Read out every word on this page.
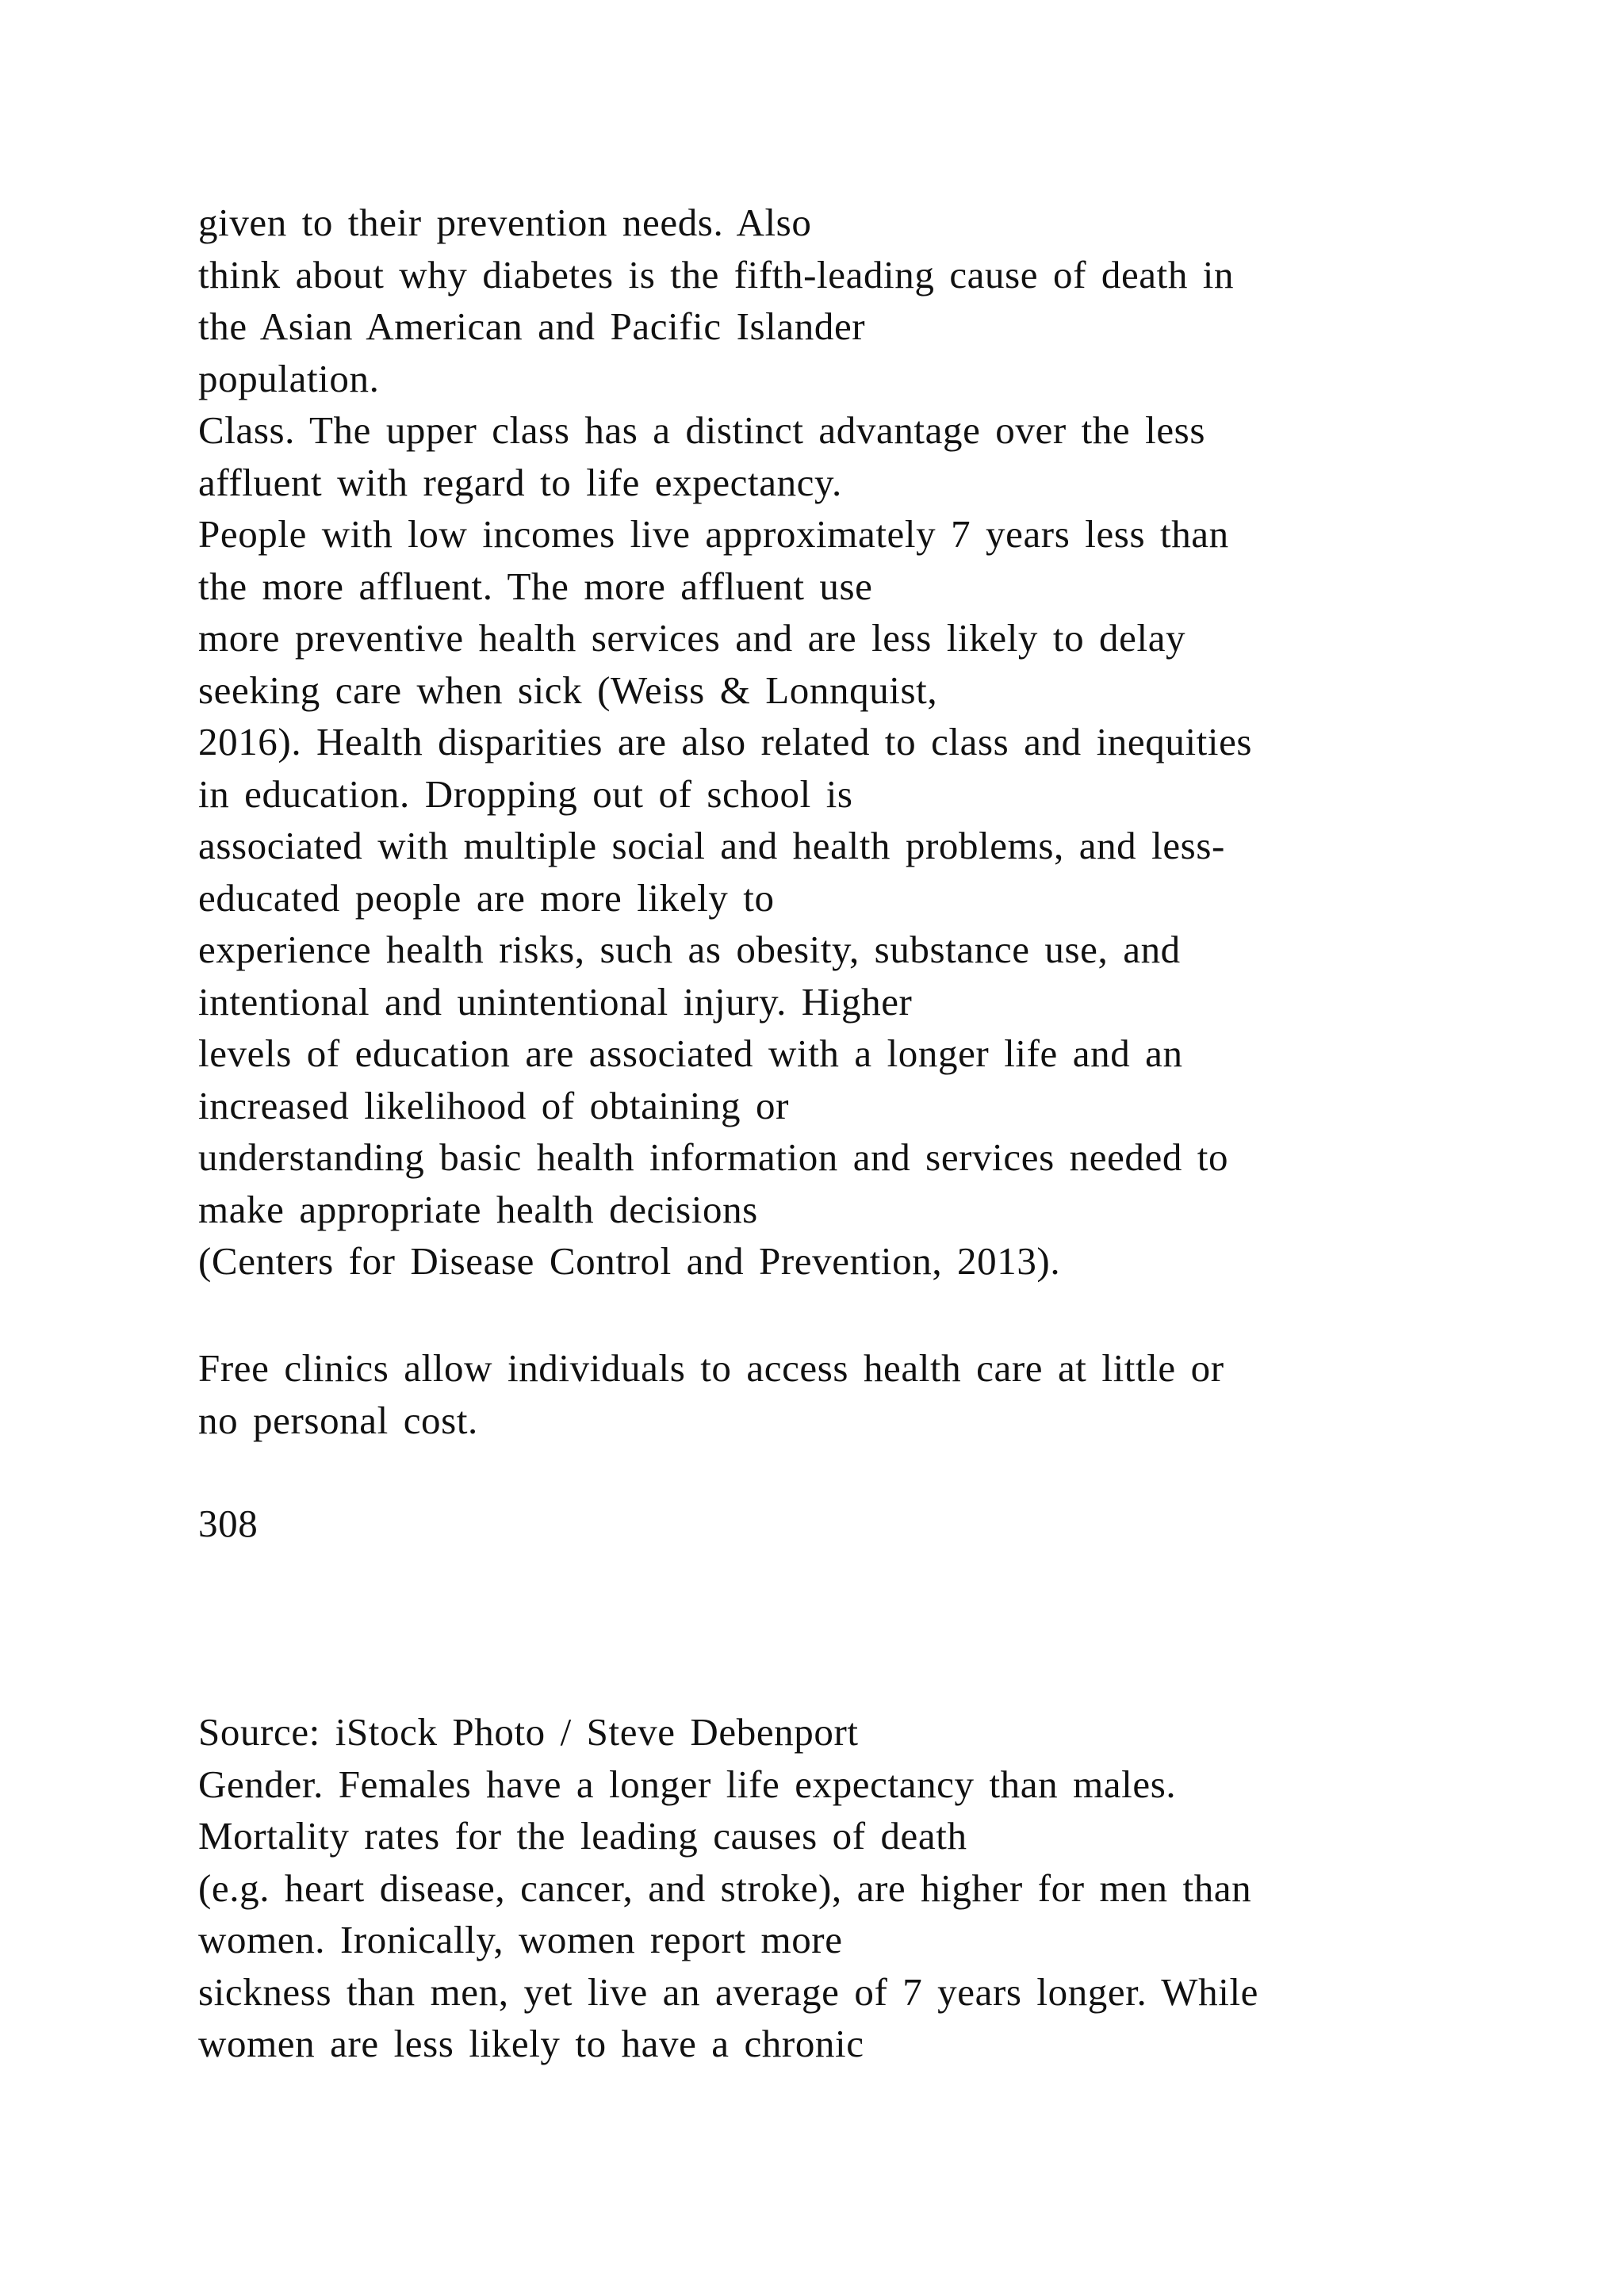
given to their prevention needs. Also
think about why diabetes is the fifth-leading cause of death in
the Asian American and Pacific Islander
population.
Class. The upper class has a distinct advantage over the less
affluent with regard to life expectancy.
People with low incomes live approximately 7 years less than
the more affluent. The more affluent use
more preventive health services and are less likely to delay
seeking care when sick (Weiss & Lonnquist,
2016). Health disparities are also related to class and inequities
in education. Dropping out of school is
associated with multiple social and health problems, and less-
educated people are more likely to
experience health risks, such as obesity, substance use, and
intentional and unintentional injury. Higher
levels of education are associated with a longer life and an
increased likelihood of obtaining or
understanding basic health information and services needed to
make appropriate health decisions
(Centers for Disease Control and Prevention, 2013).
Free clinics allow individuals to access health care at little or
no personal cost.
308
Source: iStock Photo / Steve Debenport
Gender. Females have a longer life expectancy than males.
Mortality rates for the leading causes of death
(e.g. heart disease, cancer, and stroke), are higher for men than
women. Ironically, women report more
sickness than men, yet live an average of 7 years longer. While
women are less likely to have a chronic
